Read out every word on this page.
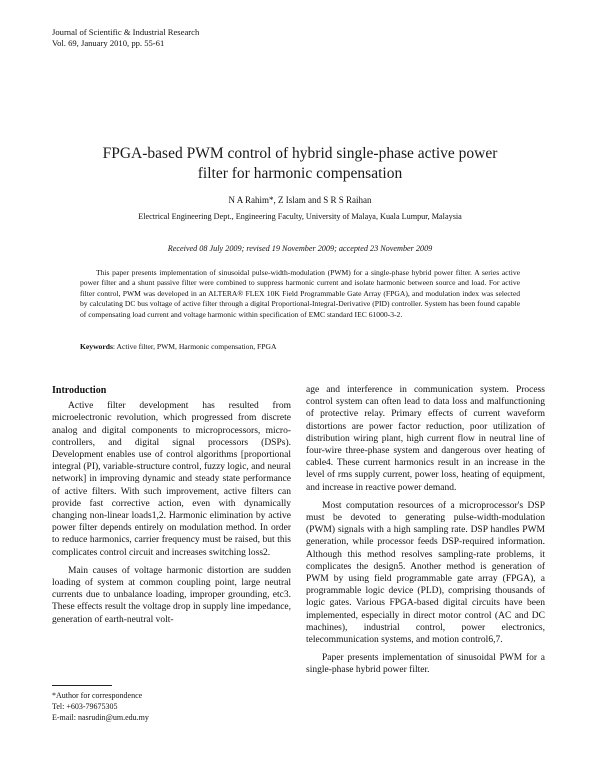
Journal of Scientific & Industrial Research
Vol. 69, January 2010, pp. 55-61
FPGA-based PWM control of hybrid single-phase active power
filter for harmonic compensation
N A Rahim*, Z Islam and S R S Raihan
Electrical Engineering Dept., Engineering Faculty, University of Malaya, Kuala Lumpur, Malaysia
Received 08 July 2009; revised 19 November 2009; accepted 23 November 2009
This paper presents implementation of sinusoidal pulse-width-modulation (PWM) for a single-phase hybrid power filter. A series active power filter and a shunt passive filter were combined to suppress harmonic current and isolate harmonic between source and load. For active filter control, PWM was developed in an ALTERA® FLEX 10K Field Programmable Gate Array (FPGA), and modulation index was selected by calculating DC bus voltage of active filter through a digital Proportional-Integral-Derivative (PID) controller. System has been found capable of compensating load current and voltage harmonic within specification of EMC standard IEC 61000-3-2.
Keywords: Active filter, PWM, Harmonic compensation, FPGA
Introduction

Active filter development has resulted from microelectronic revolution, which progressed from discrete analog and digital components to microprocessors, micro-controllers, and digital signal processors (DSPs). Development enables use of control algorithms [proportional integral (PI), variable-structure control, fuzzy logic, and neural network] in improving dynamic and steady state performance of active filters. With such improvement, active filters can provide fast corrective action, even with dynamically changing non-linear loads1,2. Harmonic elimination by active power filter depends entirely on modulation method. In order to reduce harmonics, carrier frequency must be raised, but this complicates control circuit and increases switching loss2.

Main causes of voltage harmonic distortion are sudden loading of system at common coupling point, large neutral currents due to unbalance loading, improper grounding, etc3. These effects result the voltage drop in supply line impedance, generation of earth-neutral volt-

age and interference in communication system. Process control system can often lead to data loss and malfunctioning of protective relay. Primary effects of current waveform distortions are power factor reduction, poor utilization of distribution wiring plant, high current flow in neutral line of four-wire three-phase system and dangerous over heating of cable4. These current harmonics result in an increase in the level of rms supply current, power loss, heating of equipment, and increase in reactive power demand.

Most computation resources of a microprocessor's DSP must be devoted to generating pulse-width-modulation (PWM) signals with a high sampling rate. DSP handles PWM generation, while processor feeds DSP-required information. Although this method resolves sampling-rate problems, it complicates the design5. Another method is generation of PWM by using field programmable gate array (FPGA), a programmable logic device (PLD), comprising thousands of logic gates. Various FPGA-based digital circuits have been implemented, especially in direct motor control (AC and DC machines), industrial control, power electronics, telecommunication systems, and motion control6,7.

Paper presents implementation of sinusoidal PWM for a single-phase hybrid power filter.

*Author for correspondence
Tel: +603-79675305
E-mail: nasrudin@um.edu.my
